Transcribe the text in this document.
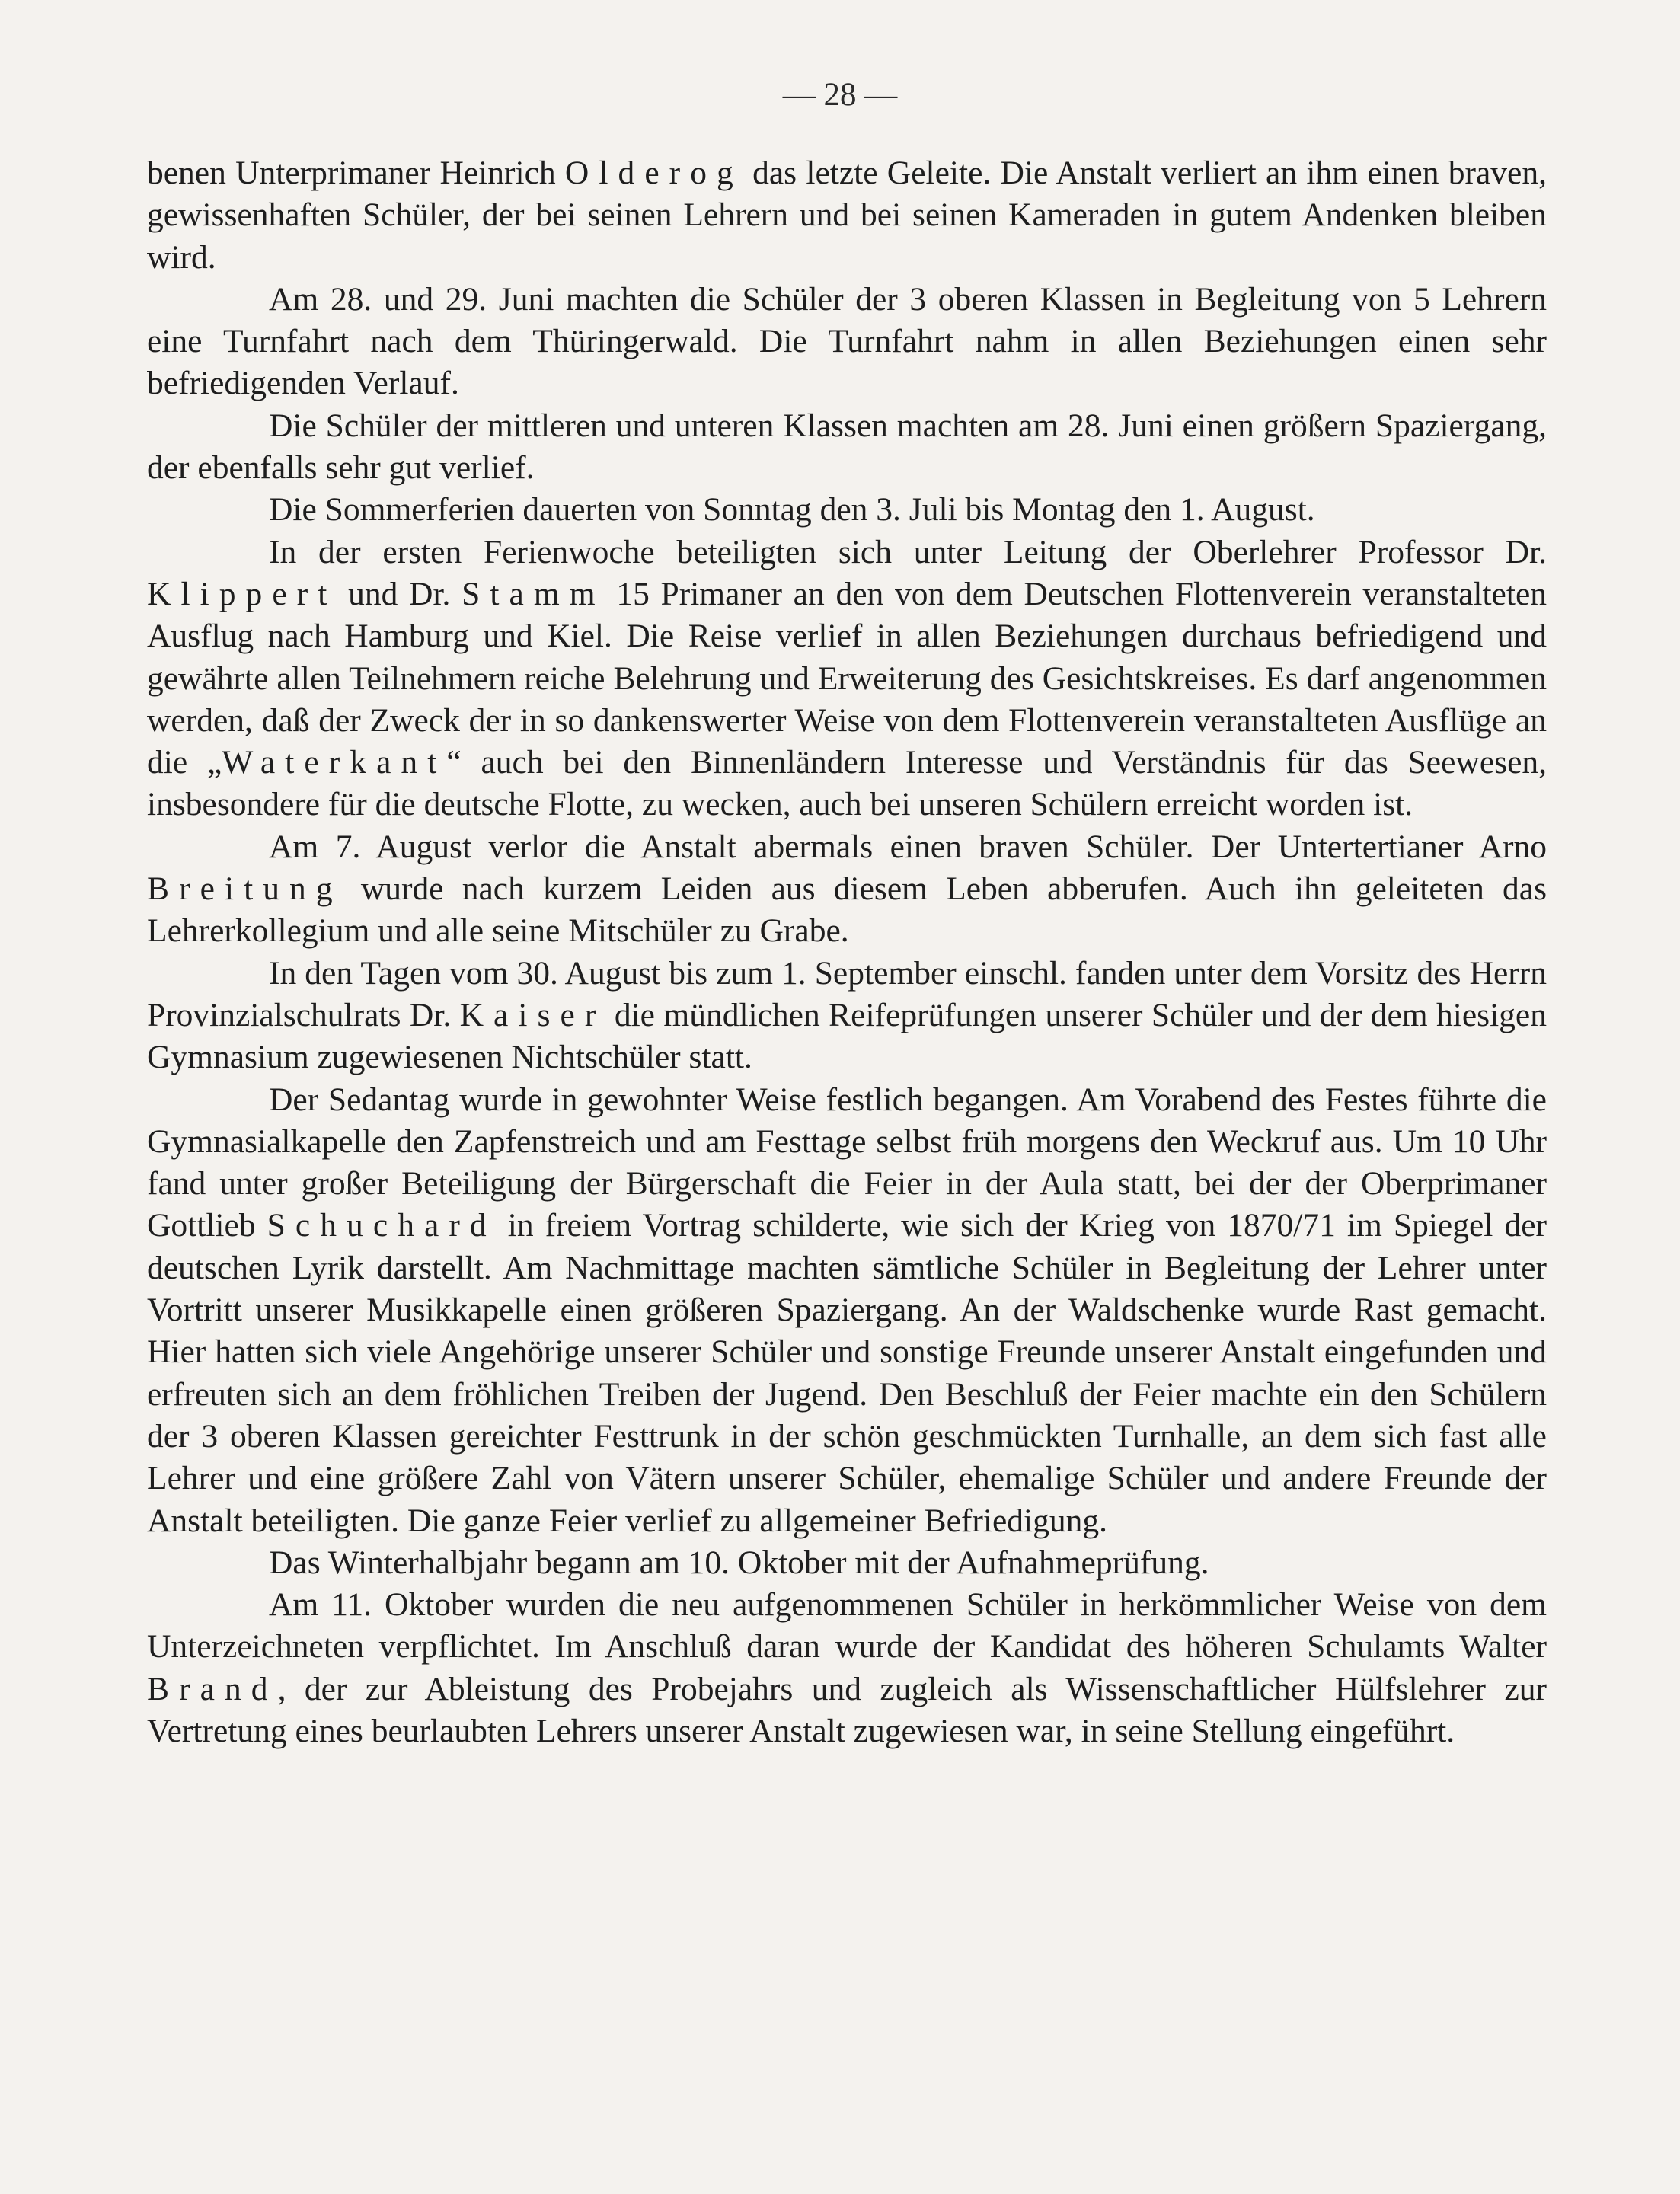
— 28 —

benen Unterprimaner Heinrich Olderog das letzte Geleite. Die Anstalt verliert an ihm einen braven, gewissenhaften Schüler, der bei seinen Lehrern und bei seinen Kameraden in gutem Andenken bleiben wird.

Am 28. und 29. Juni machten die Schüler der 3 oberen Klassen in Begleitung von 5 Lehrern eine Turnfahrt nach dem Thüringerwald. Die Turnfahrt nahm in allen Beziehungen einen sehr befriedigenden Verlauf.

Die Schüler der mittleren und unteren Klassen machten am 28. Juni einen größern Spaziergang, der ebenfalls sehr gut verlief.

Die Sommerferien dauerten von Sonntag den 3. Juli bis Montag den 1. August.

In der ersten Ferienwoche beteiligten sich unter Leitung der Oberlehrer Professor Dr. Klippert und Dr. Stamm 15 Primaner an den von dem Deutschen Flottenverein veranstalteten Ausflug nach Hamburg und Kiel. Die Reise verlief in allen Beziehungen durchaus befriedigend und gewährte allen Teilnehmern reiche Belehrung und Erweiterung des Gesichtskreises. Es darf angenommen werden, daß der Zweck der in so dankenswerter Weise von dem Flottenverein veranstalteten Ausflüge an die „Waterkant“ auch bei den Binnenländern Interesse und Verständnis für das Seewesen, insbesondere für die deutsche Flotte, zu wecken, auch bei unseren Schülern erreicht worden ist.

Am 7. August verlor die Anstalt abermals einen braven Schüler. Der Untertertianer Arno Breitung wurde nach kurzem Leiden aus diesem Leben abberufen. Auch ihn geleiteten das Lehrerkollegium und alle seine Mitschüler zu Grabe.

In den Tagen vom 30. August bis zum 1. September einschl. fanden unter dem Vorsitz des Herrn Provinzialschulrats Dr. Kaiser die mündlichen Reifeprüfungen unserer Schüler und der dem hiesigen Gymnasium zugewiesenen Nichtschüler statt.

Der Sedantag wurde in gewohnter Weise festlich begangen. Am Vorabend des Festes führte die Gymnasialkapelle den Zapfenstreich und am Festtage selbst früh morgens den Weckruf aus. Um 10 Uhr fand unter großer Beteiligung der Bürgerschaft die Feier in der Aula statt, bei der der Oberprimaner Gottlieb Schuchard in freiem Vortrag schilderte, wie sich der Krieg von 1870/71 im Spiegel der deutschen Lyrik darstellt. Am Nachmittage machten sämtliche Schüler in Begleitung der Lehrer unter Vortritt unserer Musikkapelle einen größeren Spaziergang. An der Waldschenke wurde Rast gemacht. Hier hatten sich viele Angehörige unserer Schüler und sonstige Freunde unserer Anstalt eingefunden und erfreuten sich an dem fröhlichen Treiben der Jugend. Den Beschluß der Feier machte ein den Schülern der 3 oberen Klassen gereichter Festtrunk in der schön geschmückten Turnhalle, an dem sich fast alle Lehrer und eine größere Zahl von Vätern unserer Schüler, ehemalige Schüler und andere Freunde der Anstalt beteiligten. Die ganze Feier verlief zu allgemeiner Befriedigung.

Das Winterhalbjahr begann am 10. Oktober mit der Aufnahmeprüfung.

Am 11. Oktober wurden die neu aufgenommenen Schüler in herkömmlicher Weise von dem Unterzeichneten verpflichtet. Im Anschluß daran wurde der Kandidat des höheren Schulamts Walter Brand, der zur Ableistung des Probejahrs und zugleich als Wissenschaftlicher Hülfslehrer zur Vertretung eines beurlaubten Lehrers unserer Anstalt zugewiesen war, in seine Stellung eingeführt.
